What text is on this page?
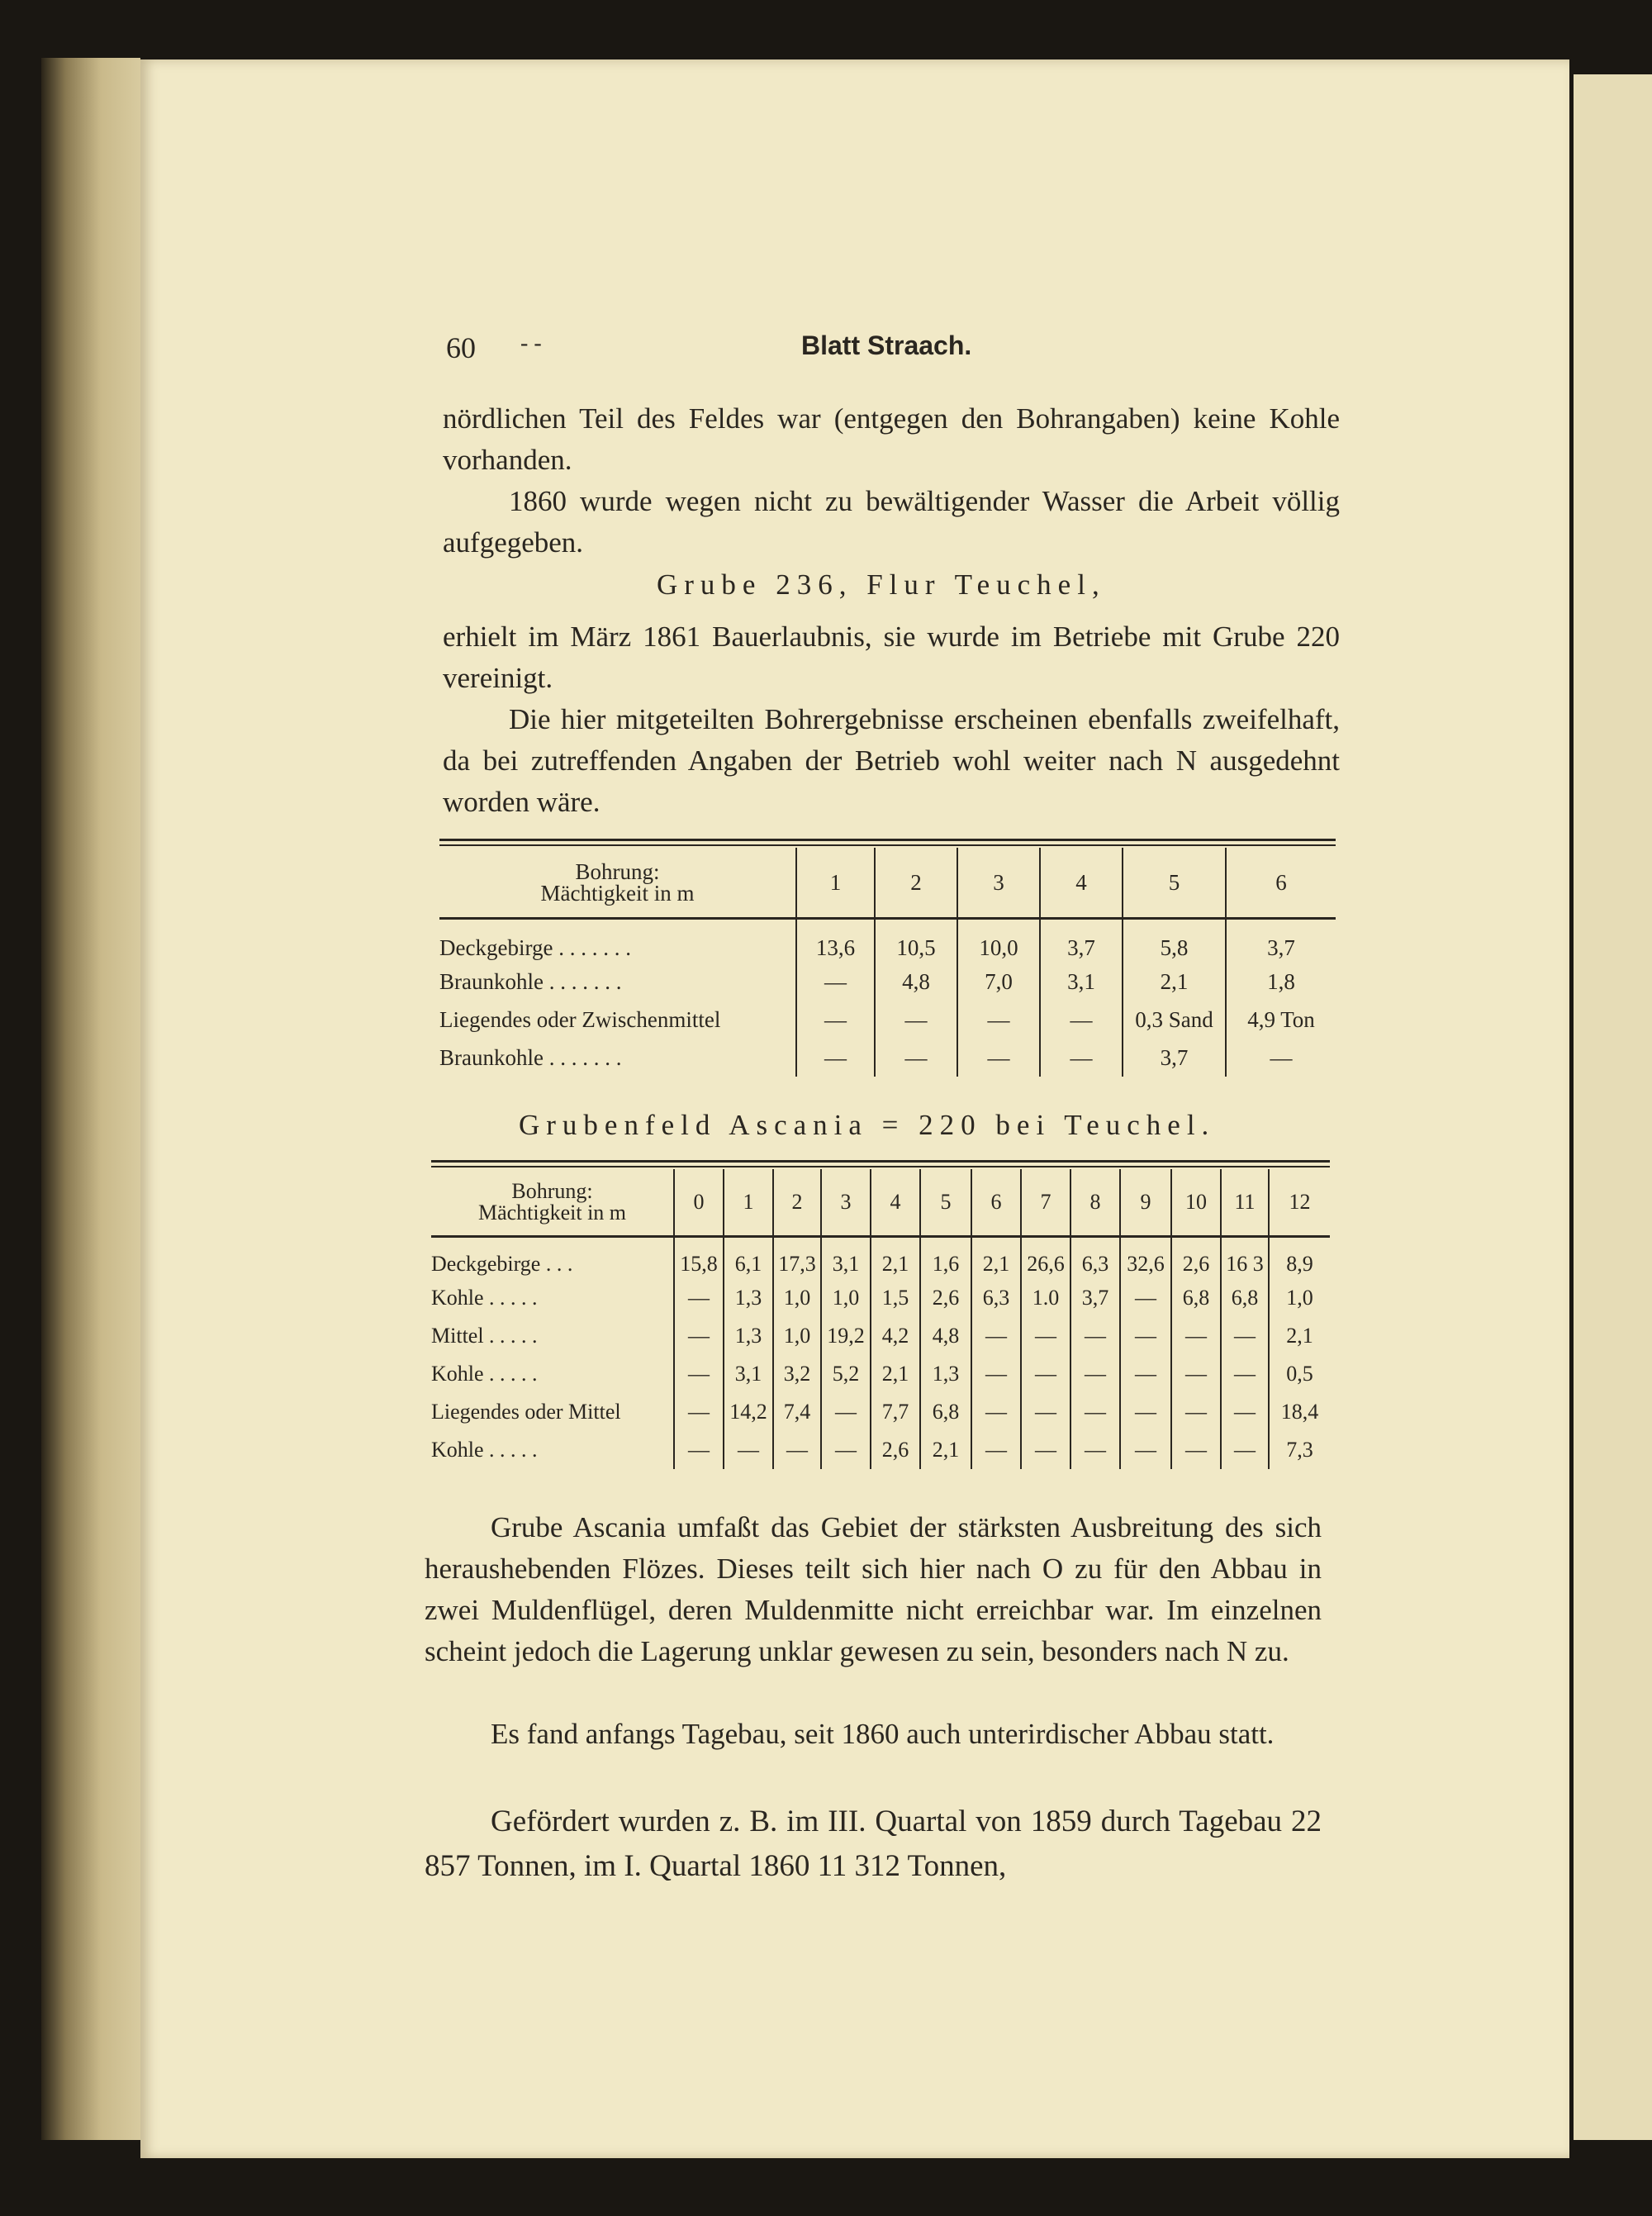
60 - -	Blatt Straach.

nördlichen Teil des Feldes war (entgegen den Bohrangaben) keine Kohle vorhanden.

1860 wurde wegen nicht zu bewältigender Wasser die Arbeit völlig aufgegeben.

Grube 236, Flur Teuchel,

erhielt im März 1861 Bauerlaubnis, sie wurde im Betriebe mit Grube 220 vereinigt.

Die hier mitgeteilten Bohrergebnisse erscheinen ebenfalls zweifelhaft, da bei zutreffenden Angaben der Betrieb wohl weiter nach N ausgedehnt worden wäre.

Bohrung:
Mächtigkeit in m	1	2	3	4	5	6
Deckgebirge . . . . . . .	13,6	10,5	10,0	3,7	5,8	3,7
Braunkohle . . . . . . .	—	4,8	7,0	3,1	2,1	1,8
Liegendes oder Zwischenmittel	—	—	—	—	0,3 Sand	4,9 Ton
Braunkohle . . . . . . .	—	—	—	—	3,7	—
Grubenfeld Ascania = 220 bei Teuchel.
Bohrung:
Mächtigkeit in m	0	1	2	3	4	5	6	7	8	9	10	11	12
Deckgebirge . . .	15,8	6,1	17,3	3,1	2,1	1,6	2,1	26,6	6,3	32,6	2,6	16 3	8,9
Kohle . . . . .	—	1,3	1,0	1,0	1,5	2,6	6,3	1.0	3,7	—	6,8	6,8	1,0
Mittel . . . . .	—	1,3	1,0	19,2	4,2	4,8	—	—	—	—	—	—	2,1
Kohle . . . . .	—	3,1	3,2	5,2	2,1	1,3	—	—	—	—	—	—	0,5
Liegendes oder Mittel	—	14,2	7,4	—	7,7	6,8	—	—	—	—	—	—	18,4
Kohle . . . . .	—	—	—	—	2,6	2,1	—	—	—	—	—	—	7,3

Grube Ascania umfaßt das Gebiet der stärksten Ausbreitung des sich heraushebenden Flözes. Dieses teilt sich hier nach O zu für den Abbau in zwei Muldenflügel, deren Muldenmitte nicht erreichbar war. Im einzelnen scheint jedoch die Lagerung unklar gewesen zu sein, besonders nach N zu.

Es fand anfangs Tagebau, seit 1860 auch unterirdischer Abbau statt.

Gefördert wurden z. B. im III. Quartal von 1859 durch Tagebau 22 857 Tonnen, im I. Quartal 1860 11 312 Tonnen,
